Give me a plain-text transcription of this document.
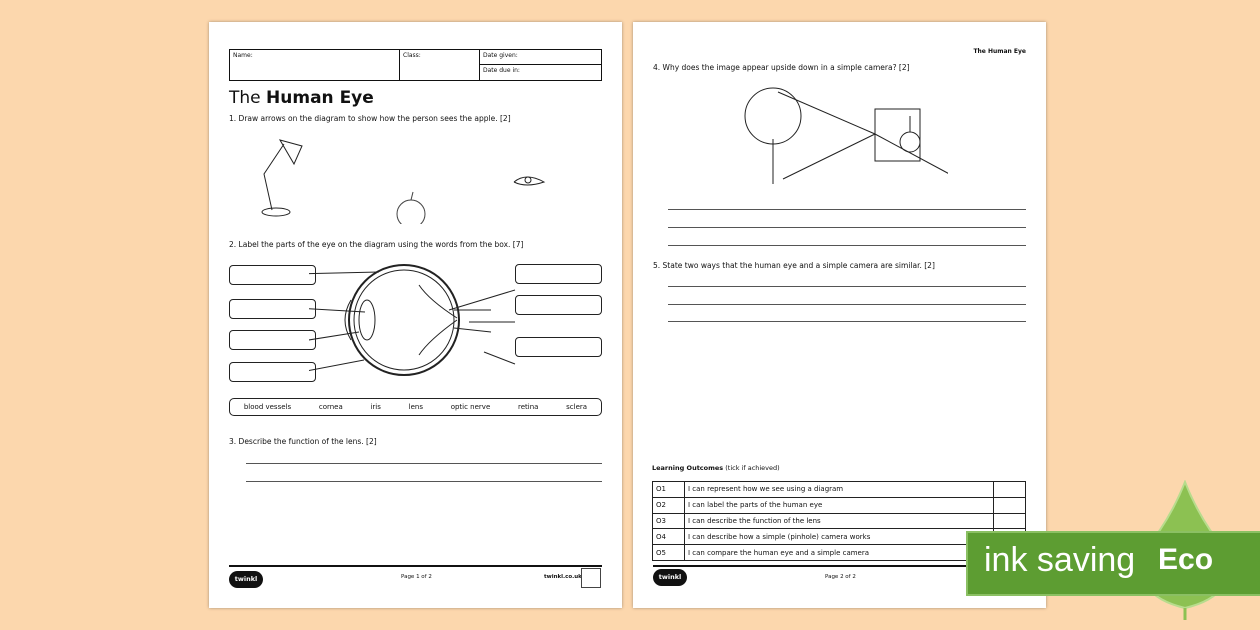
Name:	Class:	Date given:
Date due in:
The Human Eye
1. Draw arrows on the diagram to show how the person sees the apple. [2]
2. Label the parts of the eye on the diagram using the words from the box. [7]
blood vessels	cornea	iris	lens	optic nerve	retina	sclera
3. Describe the function of the lens. [2]
twinkl	Page 1 of 2	twinkl.co.uk
The Human Eye
4. Why does the image appear upside down in a simple camera? [2]
5. State two ways that the human eye and a simple camera are similar. [2]
Learning Outcomes (tick if achieved)
O1	I can represent how we see using a diagram	
O2	I can label the parts of the human eye	
O3	I can describe the function of the lens	
O4	I can describe how a simple (pinhole) camera works	
O5	I can compare the human eye and a simple camera	
twinkl	Page 2 of 2	ink saving Eco
